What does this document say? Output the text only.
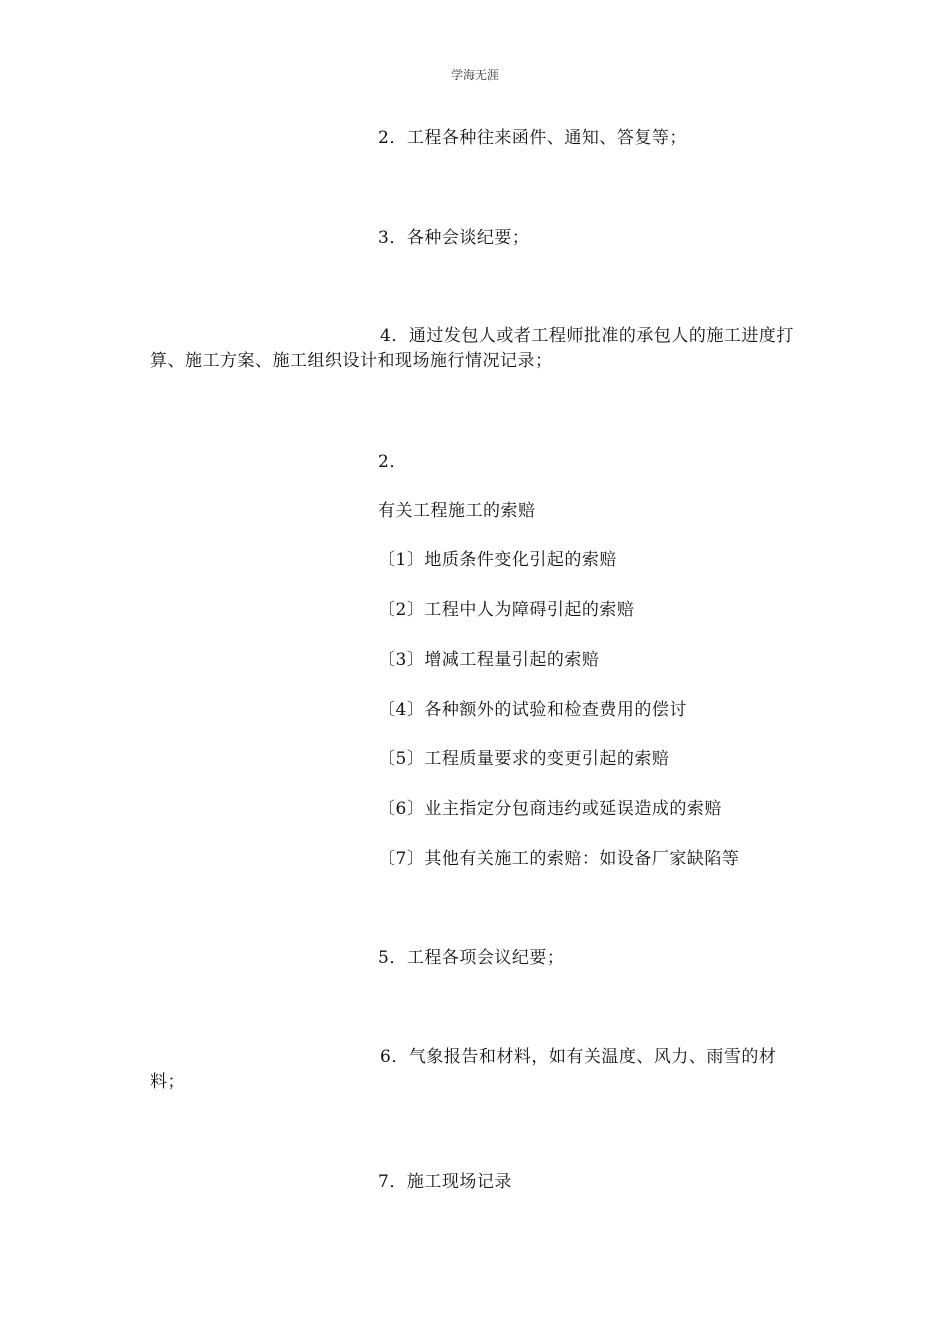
学海无涯
2．工程各种往来函件、通知、答复等；
3．各种会谈纪要；
4．通过发包人或者工程师批准的承包人的施工进度打算、施工方案、施工组织设计和现场施行情况记录；
2．
有关工程施工的索赔
〔1〕地质条件变化引起的索赔
〔2〕工程中人为障碍引起的索赔
〔3〕增减工程量引起的索赔
〔4〕各种额外的试验和检查费用的偿讨
〔5〕工程质量要求的变更引起的索赔
〔6〕业主指定分包商违约或延误造成的索赔
〔7〕其他有关施工的索赔：如设备厂家缺陷等
5．工程各项会议纪要；
6．气象报告和材料，如有关温度、风力、雨雪的材料；
7．施工现场记录
